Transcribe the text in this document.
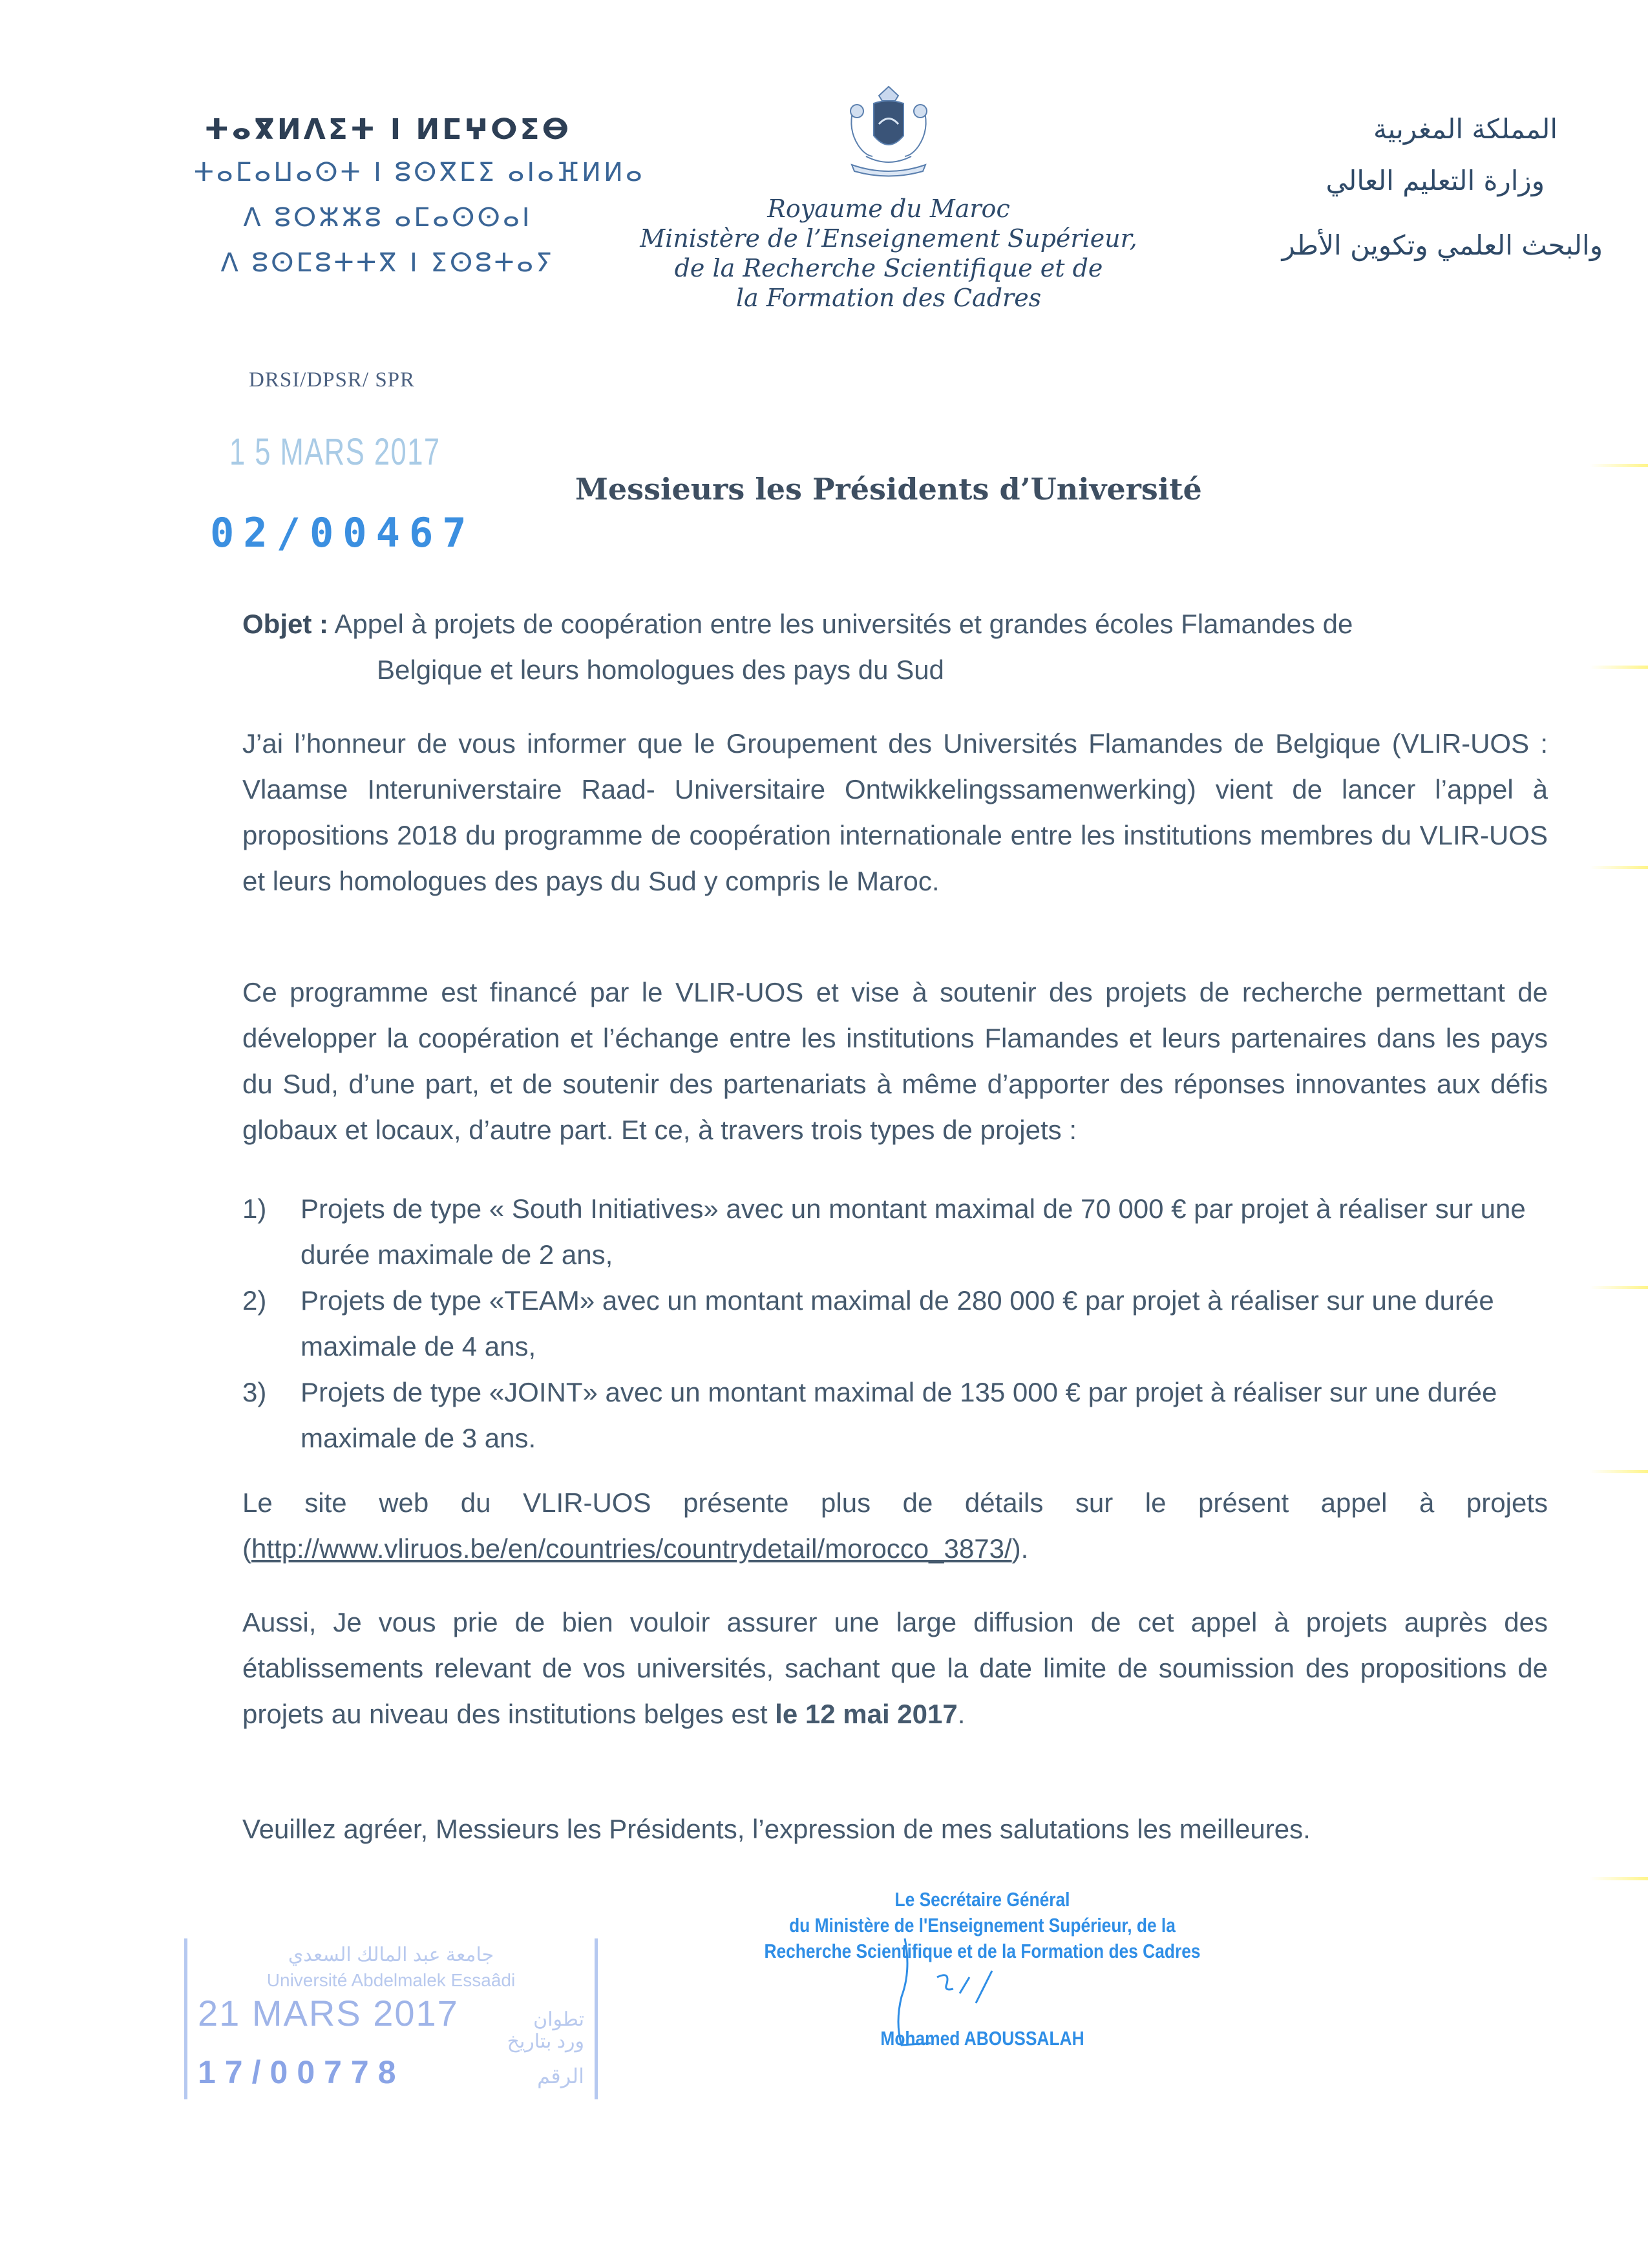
ⵜⴰⴳⵍⴷⵉⵜ ⵏ ⵍⵎⵖⵔⵉⴱ
ⵜⴰⵎⴰⵡⴰⵙⵜ ⵏ ⵓⵙⴳⵎⵉ ⴰⵏⴰⴼⵍⵍⴰ
ⴷ ⵓⵔⵣⵣⵓ ⴰⵎⴰⵙⵙⴰⵏ
ⴷ ⵓⵙⵎⵓⵜⵜⴳ ⵏ ⵉⵙⵓⵜⴰⵢ
Royaume du Maroc
Ministère de l’Enseignement Supérieur,
de la Recherche Scientifique et de
la Formation des Cadres
المملكة المغربية
وزارة التعليم العالي
والبحث العلمي وتكوين الأطر
DRSI/DPSR/ SPR
1 5 MARS 2017
02/00467
Messieurs les Présidents d’Université
Objet : Appel à projets de coopération entre les universités et grandes écoles Flamandes de
Belgique et leurs homologues des pays du Sud
J’ai l’honneur de vous informer que le Groupement des Universités Flamandes de Belgique (VLIR-UOS : Vlaamse Interuniverstaire Raad- Universitaire Ontwikkelingssamenwerking) vient de lancer l’appel à propositions 2018 du programme de coopération internationale entre les institutions membres du VLIR-UOS et leurs homologues des pays du Sud y compris le Maroc.
Ce programme est financé par le VLIR-UOS et vise à soutenir des projets de recherche permettant de développer la coopération et l’échange entre les institutions Flamandes et leurs partenaires dans les pays du Sud, d’une part, et de soutenir des partenariats à même d’apporter des réponses innovantes aux défis globaux et locaux, d’autre part. Et ce, à travers trois types de projets :
1)	Projets de type « South Initiatives» avec un montant maximal de 70 000 € par projet à réaliser sur une durée maximale de 2 ans,
2)	Projets de type «TEAM» avec un montant maximal de 280 000 € par projet à réaliser sur une durée maximale de 4 ans,
3)	Projets de type «JOINT» avec un montant maximal de 135 000 € par projet à réaliser sur une durée maximale de 3 ans.
Le site web du VLIR-UOS présente plus de détails sur le présent appel à projets (http://www.vliruos.be/en/countries/countrydetail/morocco_3873/).
Aussi, Je vous prie de bien vouloir assurer une large diffusion de cet appel à projets auprès des établissements relevant de vos universités, sachant que la date limite de soumission des propositions de projets au niveau des institutions belges est le 12 mai 2017.
Veuillez agréer, Messieurs les Présidents, l’expression de mes salutations les meilleures.
Le Secrétaire Général
du Ministère de l'Enseignement Supérieur, de la
Recherche Scientifique et de la Formation des Cadres
Mohamed ABOUSSALAH
جامعة عبد المالك السعدي
Université Abdelmalek Essaâdi
21 MARS 2017	تطوان
ورد بتاريخ
17/00778	الرقم
